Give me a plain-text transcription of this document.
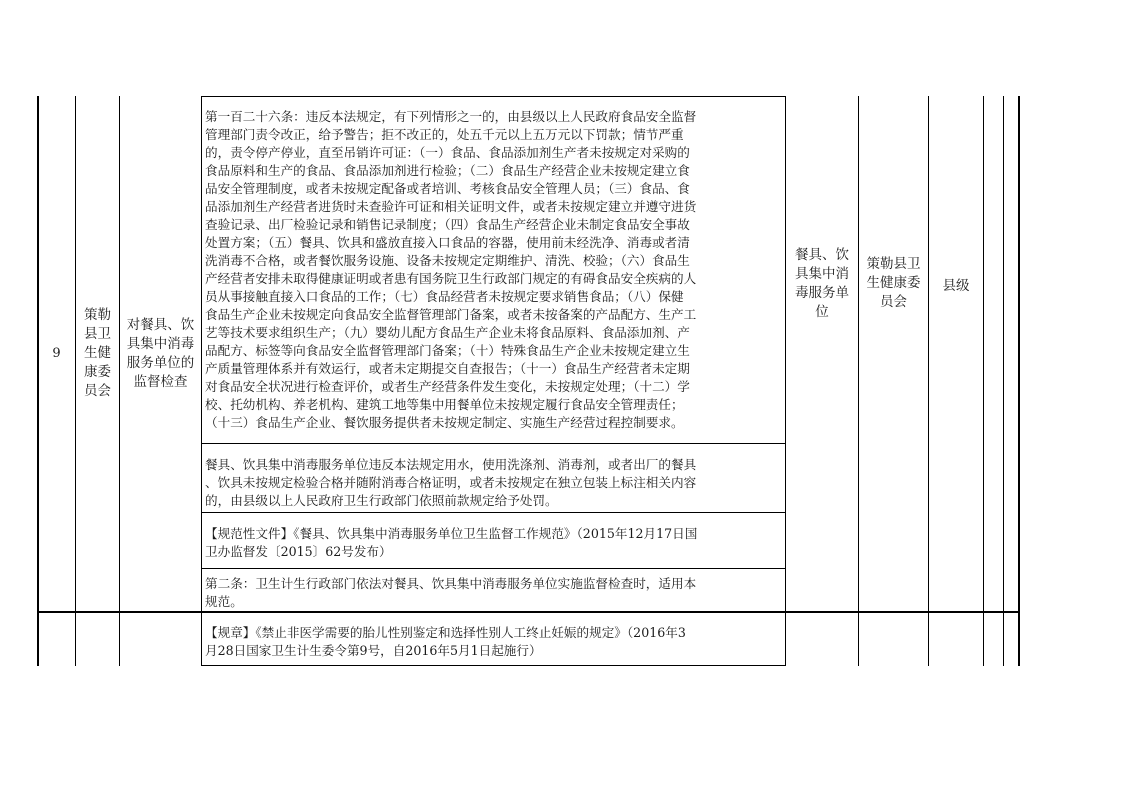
9
策勒县卫生健康委员会
对餐具、饮具集中消毒服务单位的监督检查
第一百二十六条：违反本法规定，有下列情形之一的，由县级以上人民政府食品安全监督
管理部门责令改正，给予警告；拒不改正的，处五千元以上五万元以下罚款；情节严重
的，责令停产停业，直至吊销许可证：（一）食品、食品添加剂生产者未按规定对采购的
食品原料和生产的食品、食品添加剂进行检验；（二）食品生产经营企业未按规定建立食
品安全管理制度，或者未按规定配备或者培训、考核食品安全管理人员；（三）食品、食
品添加剂生产经营者进货时未查验许可证和相关证明文件，或者未按规定建立并遵守进货
查验记录、出厂检验记录和销售记录制度；（四）食品生产经营企业未制定食品安全事故
处置方案；（五）餐具、饮具和盛放直接入口食品的容器，使用前未经洗净、消毒或者清
洗消毒不合格，或者餐饮服务设施、设备未按规定定期维护、清洗、校验；（六）食品生
产经营者安排未取得健康证明或者患有国务院卫生行政部门规定的有碍食品安全疾病的人
员从事接触直接入口食品的工作；（七）食品经营者未按规定要求销售食品；（八）保健
食品生产企业未按规定向食品安全监督管理部门备案，或者未按备案的产品配方、生产工
艺等技术要求组织生产；（九）婴幼儿配方食品生产企业未将食品原料、食品添加剂、产
品配方、标签等向食品安全监督管理部门备案；（十）特殊食品生产企业未按规定建立生
产质量管理体系并有效运行，或者未定期提交自查报告；（十一）食品生产经营者未定期
对食品安全状况进行检查评价，或者生产经营条件发生变化，未按规定处理；（十二）学
校、托幼机构、养老机构、建筑工地等集中用餐单位未按规定履行食品安全管理责任；
（十三）食品生产企业、餐饮服务提供者未按规定制定、实施生产经营过程控制要求。
餐具、饮具集中消毒服务单位违反本法规定用水，使用洗涤剂、消毒剂，或者出厂的餐具
、饮具未按规定检验合格并随附消毒合格证明，或者未按规定在独立包装上标注相关内容
的，由县级以上人民政府卫生行政部门依照前款规定给予处罚。
【规范性文件】《餐具、饮具集中消毒服务单位卫生监督工作规范》（2015年12月17日国
卫办监督发〔2015〕62号发布）
第二条：卫生计生行政部门依法对餐具、饮具集中消毒服务单位实施监督检查时，适用本
规范。
【规章】《禁止非医学需要的胎儿性别鉴定和选择性别人工终止妊娠的规定》（2016年3
月28日国家卫生计生委令第9号，自2016年5月1日起施行）
餐具、饮具集中消毒服务单位
策勒县卫生健康委员会
县级
